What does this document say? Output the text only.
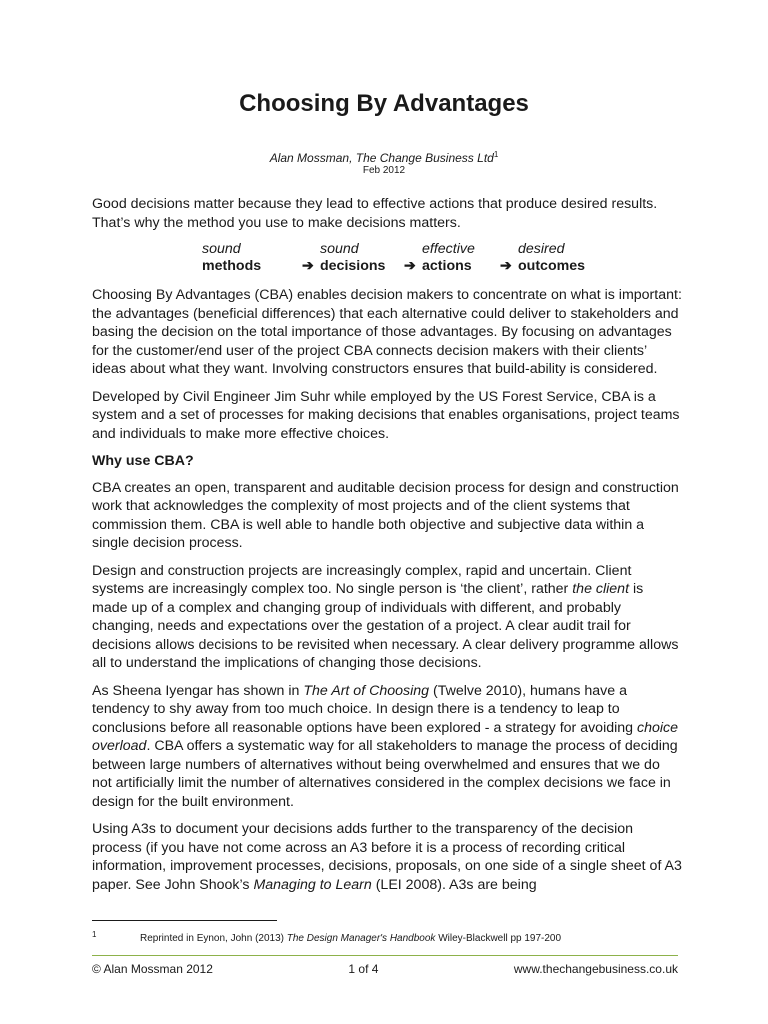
Choosing By Advantages
Alan Mossman, The Change Business Ltd$^1$
Feb 2012

Good decisions matter because they lead to effective actions that produce desired results. That’s why the method you use to make decisions matters.

sound	sound	effective	desired
methods	➔ decisions	➔ actions	➔ outcomes

Choosing By Advantages (CBA) enables decision makers to concentrate on what is important: the advantages (beneficial differences) that each alternative could deliver to stakeholders and basing the decision on the total importance of those advantages. By focusing on advantages for the customer/end user of the project CBA connects decision makers with their clients’ ideas about what they want. Involving constructors ensures that build-ability is considered.

Developed by Civil Engineer Jim Suhr while employed by the US Forest Service, CBA is a system and a set of processes for making decisions that enables organisations, project teams and individuals to make more effective choices.

Why use CBA?

CBA creates an open, transparent and auditable decision process for design and construction work that acknowledges the complexity of most projects and of the client systems that commission them. CBA is well able to handle both objective and subjective data within a single decision process.

Design and construction projects are increasingly complex, rapid and uncertain. Client systems are increasingly complex too. No single person is ‘the client’, rather the client is made up of a complex and changing group of individuals with different, and probably changing, needs and expectations over the gestation of a project. A clear audit trail for decisions allows decisions to be revisited when necessary. A clear delivery programme allows all to understand the implications of changing those decisions.

As Sheena Iyengar has shown in The Art of Choosing (Twelve 2010), humans have a tendency to shy away from too much choice. In design there is a tendency to leap to conclusions before all reasonable options have been explored - a strategy for avoiding choice overload. CBA offers a systematic way for all stakeholders to manage the process of deciding between large numbers of alternatives without being overwhelmed and ensures that we do not artificially limit the number of alternatives considered in the complex decisions we face in design for the built environment.

Using A3s to document your decisions adds further to the transparency of the decision process (if you have not come across an A3 before it is a process of recording critical information, improvement processes, decisions, proposals, on one side of a single sheet of A3 paper. See John Shook’s Managing to Learn (LEI 2008). A3s are being

1	Reprinted in Eynon, John (2013) The Design Manager's Handbook Wiley-Blackwell pp 197-200
© Alan Mossman 2012	1 of 4	www.thechangebusiness.co.uk
